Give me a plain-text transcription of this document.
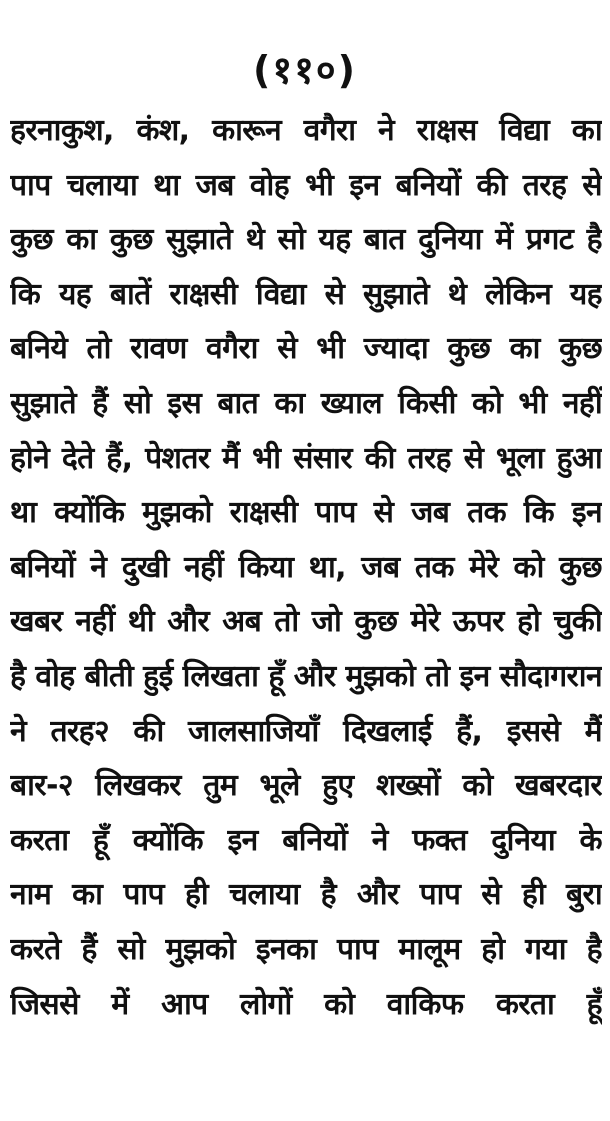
(११०)
हरनाकुश, कंश, कारून वगैरा ने राक्षस विद्या का
पाप चलाया था जब वोह भी इन बनियों की तरह से
कुछ का कुछ सुझाते थे सो यह बात दुनिया में प्रगट है
कि यह बातें राक्षसी विद्या से सुझाते थे लेकिन यह
बनिये तो रावण वगैरा से भी ज्यादा कुछ का कुछ
सुझाते हैं सो इस बात का ख्याल किसी को भी नहीं
होने देते हैं, पेशतर मैं भी संसार की तरह से भूला हुआ
था क्योंकि मुझको राक्षसी पाप से जब तक कि इन
बनियों ने दुखी नहीं किया था, जब तक मेरे को कुछ
खबर नहीं थी और अब तो जो कुछ मेरे ऊपर हो चुकी
है वोह बीती हुई लिखता हूँ और मुझको तो इन सौदागरान
ने तरह२ की जालसाजियाँ दिखलाई हैं, इससे मैं
बार-२ लिखकर तुम भूले हुए शख्सों को खबरदार
करता हूँ क्योंकि इन बनियों ने फक्त दुनिया के
नाम का पाप ही चलाया है और पाप से ही बुरा
करते हैं सो मुझको इनका पाप मालूम हो गया है
जिससे में आप लोगों को वाकिफ करता हूँ
